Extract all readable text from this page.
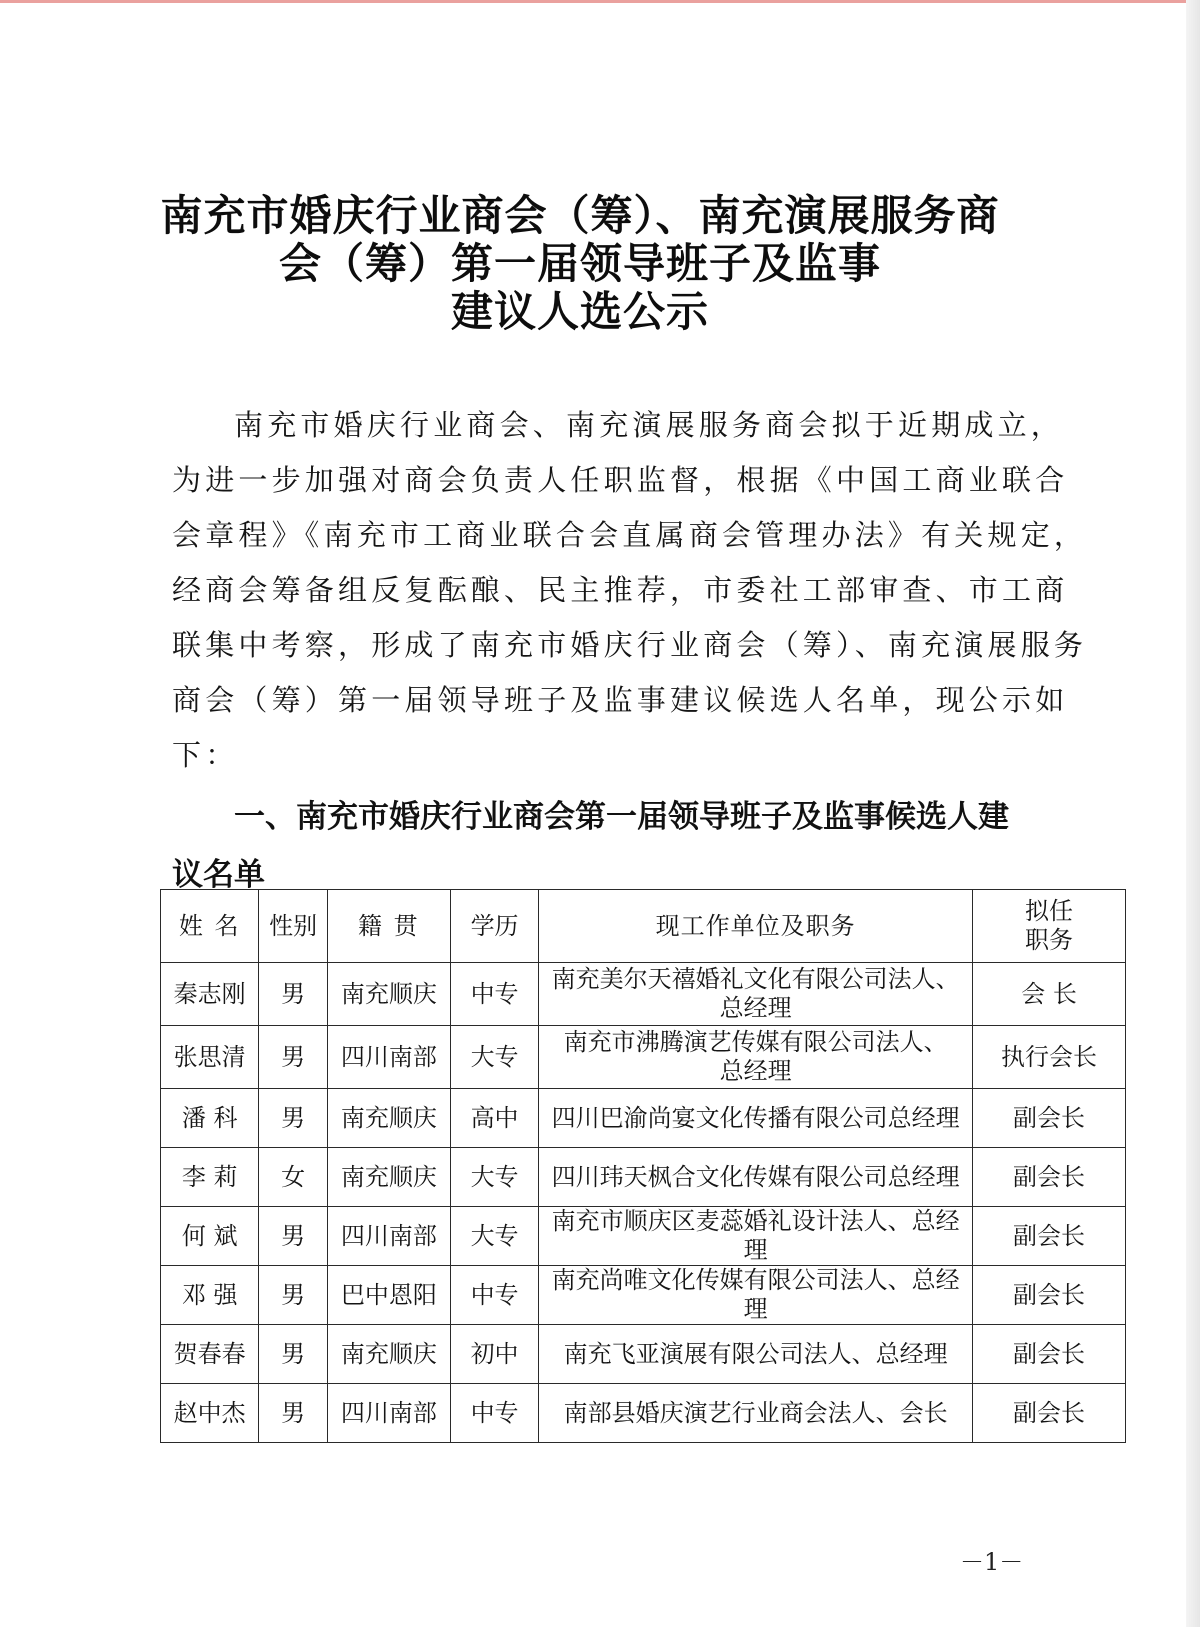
南充市婚庆行业商会（筹）、南充演展服务商
会（筹）第一届领导班子及监事
建议人选公示
南充市婚庆行业商会、南充演展服务商会拟于近期成立，
为进一步加强对商会负责人任职监督，根据《中国工商业联合
会章程》《南充市工商业联合会直属商会管理办法》有关规定，
经商会筹备组反复酝酿、民主推荐，市委社工部审查、市工商
联集中考察，形成了南充市婚庆行业商会（筹）、南充演展服务
商会（筹）第一届领导班子及监事建议候选人名单，现公示如
下：
一、南充市婚庆行业商会第一届领导班子及监事候选人建
议名单
姓 名	性别	籍 贯	学历	现工作单位及职务	拟任
职务

秦志刚	男	南充顺庆	中专	南充美尔天禧婚礼文化有限公司法人、
总经理	会 长
张思清	男	四川南部	大专	南充市沸腾演艺传媒有限公司法人、
总经理	执行会长
潘 科	男	南充顺庆	高中	四川巴渝尚宴文化传播有限公司总经理	副会长
李 莉	女	南充顺庆	大专	四川玮天枫合文化传媒有限公司总经理	副会长
何 斌	男	四川南部	大专	南充市顺庆区麦蕊婚礼设计法人、总经理	副会长
邓 强	男	巴中恩阳	中专	南充尚唯文化传媒有限公司法人、总经理	副会长
贺春春	男	南充顺庆	初中	南充飞亚演展有限公司法人、总经理	副会长
赵中杰	男	四川南部	中专	南部县婚庆演艺行业商会法人、会长	副会长
－1－
